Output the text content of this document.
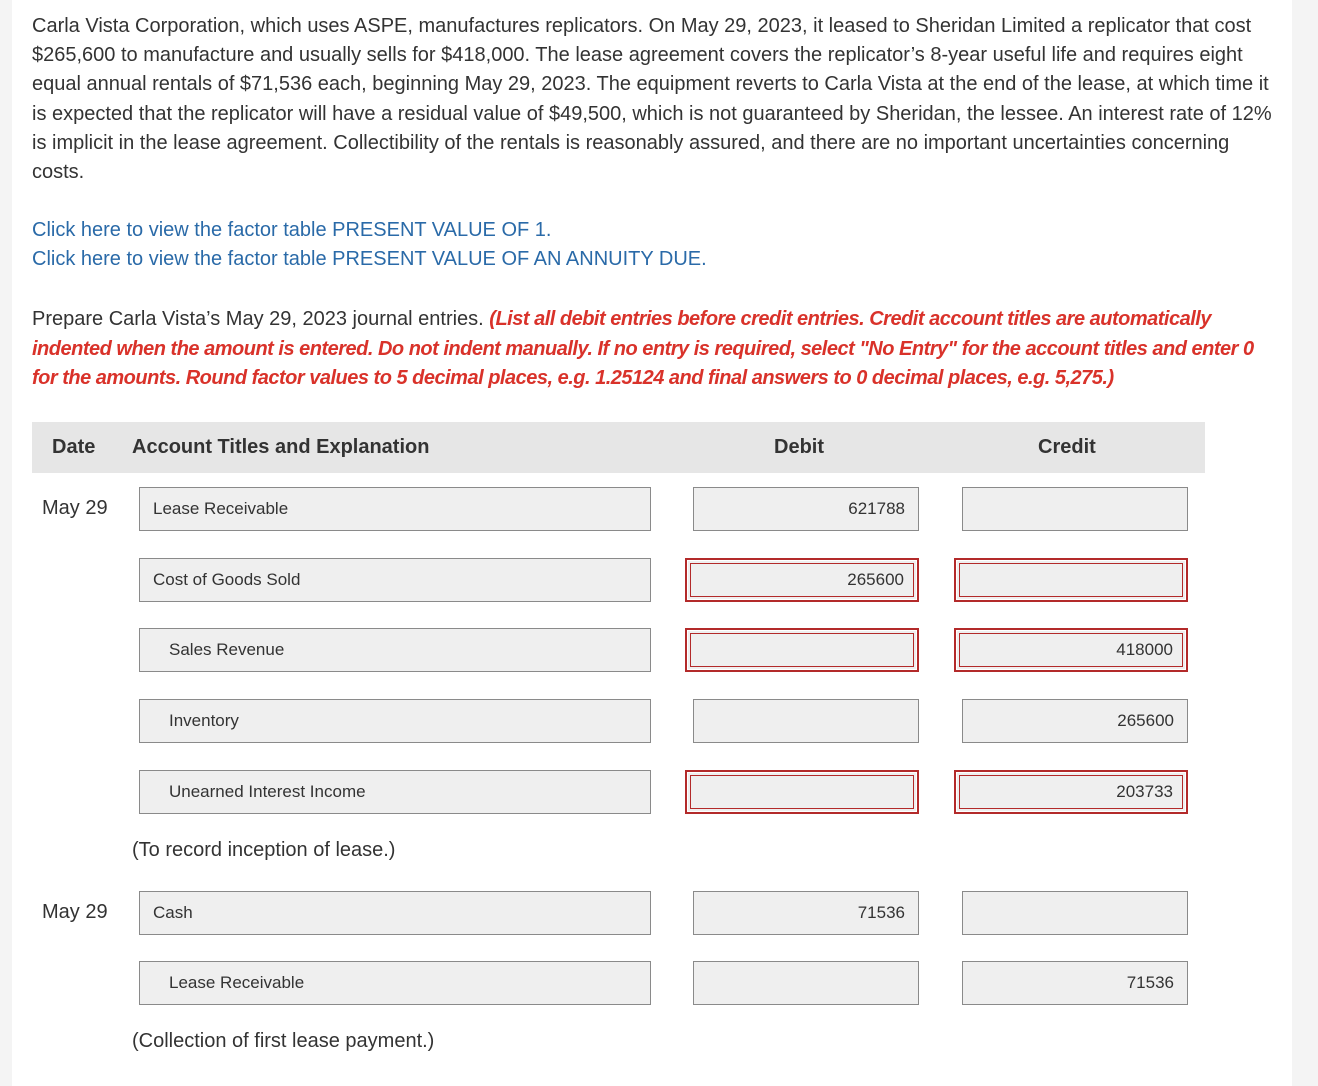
Carla Vista Corporation, which uses ASPE, manufactures replicators. On May 29, 2023, it leased to Sheridan Limited a replicator that cost $265,600 to manufacture and usually sells for $418,000. The lease agreement covers the replicator’s 8-year useful life and requires eight equal annual rentals of $71,536 each, beginning May 29, 2023. The equipment reverts to Carla Vista at the end of the lease, at which time it is expected that the replicator will have a residual value of $49,500, which is not guaranteed by Sheridan, the lessee. An interest rate of 12% is implicit in the lease agreement. Collectibility of the rentals is reasonably assured, and there are no important uncertainties concerning costs.

Click here to view the factor table PRESENT VALUE OF 1.
Click here to view the factor table PRESENT VALUE OF AN ANNUITY DUE.

Prepare Carla Vista’s May 29, 2023 journal entries. (List all debit entries before credit entries. Credit account titles are automatically indented when the amount is entered. Do not indent manually. If no entry is required, select "No Entry" for the account titles and enter 0 for the amounts. Round factor values to 5 decimal places, e.g. 1.25124 and final answers to 0 decimal places, e.g. 5,275.)

Date Account Titles and Explanation	Debit	Credit
May 29
Lease Receivable
621788
Cost of Goods Sold
265600
Sales Revenue
418000
Inventory
265600
Unearned Interest Income
203733
(To record inception of lease.)
May 29
Cash
71536
Lease Receivable
71536
(Collection of first lease payment.)
